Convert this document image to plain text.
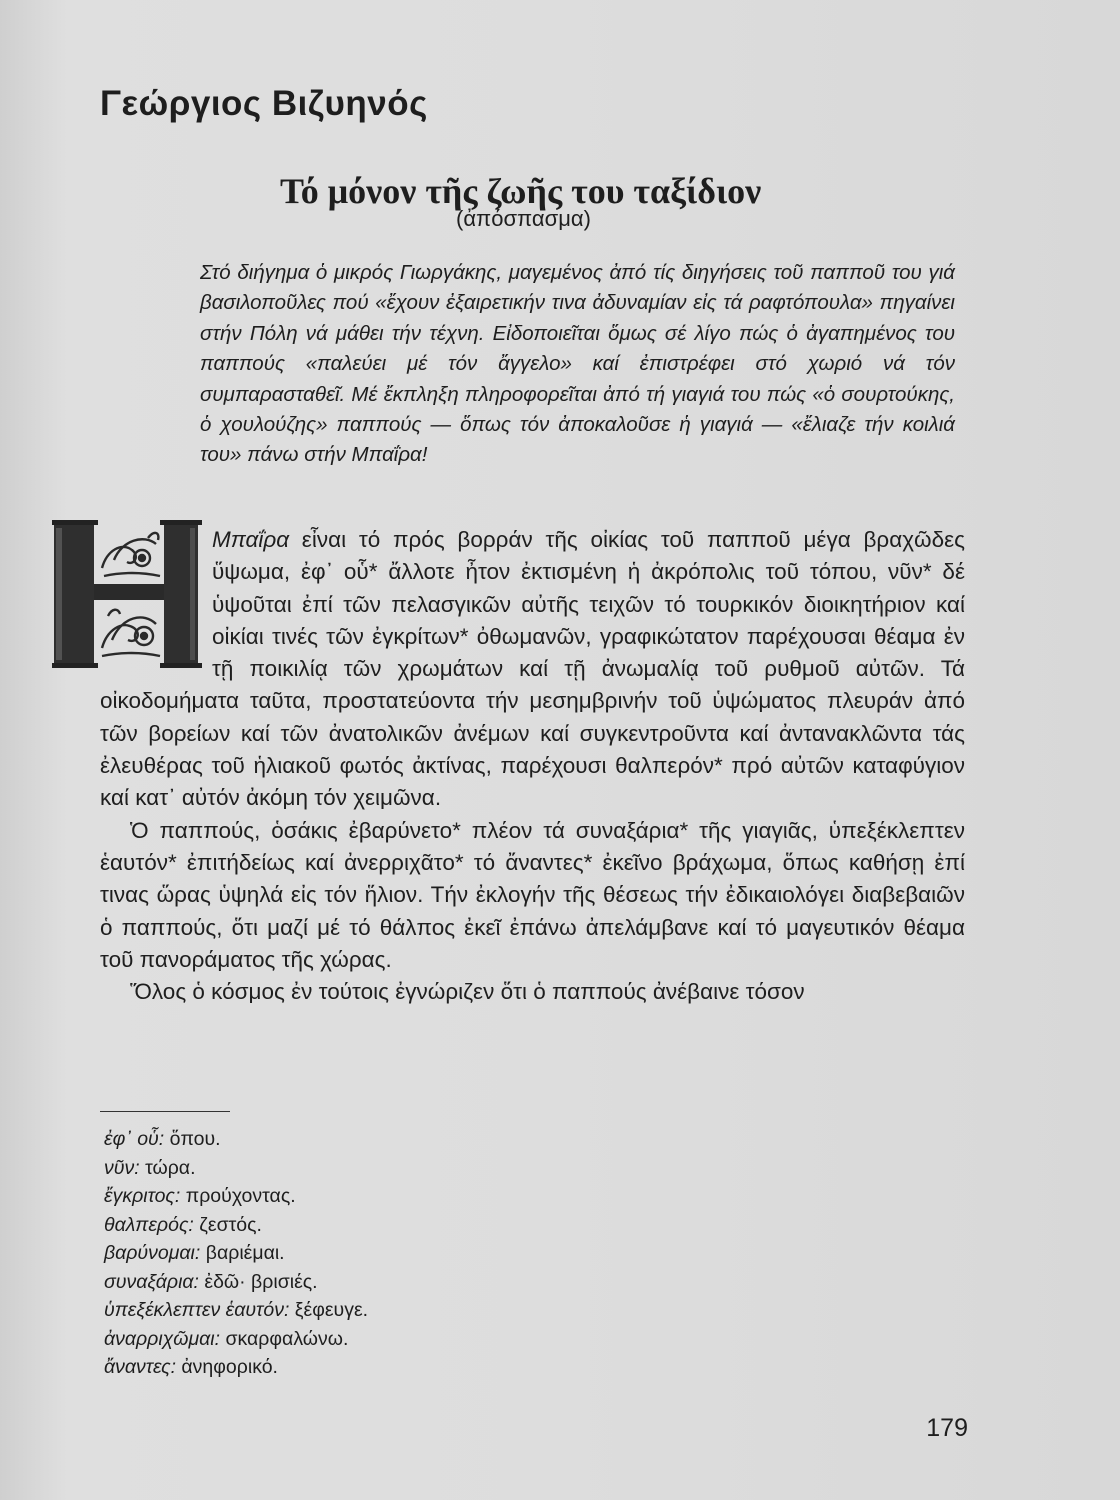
Γεώργιος Βιζυηνός
Τό μόνον τῆς ζωῆς του ταξίδιον
(ἀπόσπασμα)

Στό διήγημα ὁ μικρός Γιωργάκης, μαγεμένος ἀπό τίς διηγήσεις τοῦ παπποῦ του γιά βασιλοποῦλες πού «ἔχουν ἐξαιρετικήν τινα ἀδυναμίαν εἰς τά ραφτόπουλα» πηγαίνει στήν Πόλη νά μάθει τήν τέχνη. Εἰδοποιεῖται ὅμως σέ λίγο πώς ὁ ἀγαπημένος του παππούς «παλεύει μέ τόν ἄγγελο» καί ἐπιστρέφει στό χωριό νά τόν συμπαρασταθεῖ. Μέ ἔκπληξη πληροφορεῖται ἀπό τή γιαγιά του πώς «ὁ σουρτούκης, ὁ χουλούζης» παππούς — ὅπως τόν ἀποκαλοῦσε ἡ γιαγιά — «ἔλιαζε τήν κοιλιά του» πάνω στήν Μπαΐρα!

Μπαΐρα εἶναι τό πρός βορράν τῆς οἰκίας τοῦ παπποῦ μέγα βραχῶδες ὕψωμα, ἐφ᾽ οὗ* ἄλλοτε ἦτον ἐκτισμένη ἡ ἀκρόπολις τοῦ τόπου, νῦν* δέ ὑψοῦται ἐπί τῶν πελασγικῶν αὐτῆς τειχῶν τό τουρκικόν διοικητήριον καί οἰκίαι τινές τῶν ἐγκρίτων* ὀθωμανῶν, γραφικώτατον παρέχουσαι θέαμα ἐν τῇ ποικιλίᾳ τῶν χρωμάτων καί τῇ ἀνωμαλίᾳ τοῦ ρυθμοῦ αὐτῶν. Τά οἰκοδομήματα ταῦτα, προστατεύοντα τήν μεσημβρινήν τοῦ ὑψώματος πλευράν ἀπό τῶν βορείων καί τῶν ἀνατολικῶν ἀνέμων καί συγκεντροῦντα καί ἀντανακλῶντα τάς ἐλευθέρας τοῦ ἡλιακοῦ φωτός ἀκτίνας, παρέχουσι θαλπερόν* πρό αὐτῶν καταφύγιον καί κατ᾽ αὐτόν ἀκόμη τόν χειμῶνα.

Ὁ παππούς, ὁσάκις ἐβαρύνετο* πλέον τά συναξάρια* τῆς γιαγιᾶς, ὑπεξέκλεπτεν ἑαυτόν* ἐπιτήδείως καί ἀνερριχᾶτο* τό ἄναντες* ἐκεῖνο βράχωμα, ὅπως καθήσῃ ἐπί τινας ὥρας ὑψηλά εἰς τόν ἥλιον. Τήν ἐκλογήν τῆς θέσεως τήν ἐδικαιολόγει διαβεβαιῶν ὁ παππούς, ὅτι μαζί μέ τό θάλπος ἐκεῖ ἐπάνω ἀπελάμβανε καί τό μαγευτικόν θέαμα τοῦ πανοράματος τῆς χώρας.

Ὅλος ὁ κόσμος ἐν τούτοις ἐγνώριζεν ὅτι ὁ παππούς ἀνέβαινε τόσον

ἐφ᾽ οὗ: ὅπου.
νῦν: τώρα.
ἔγκριτος: προύχοντας.
θαλπερός: ζεστός.
βαρύνομαι: βαριέμαι.
συναξάρια: ἐδῶ· βρισιές.
ὑπεξέκλεπτεν ἑαυτόν: ξέφευγε.
ἀναρριχῶμαι: σκαρφαλώνω.
ἄναντες: ἀνηφορικό.
179
